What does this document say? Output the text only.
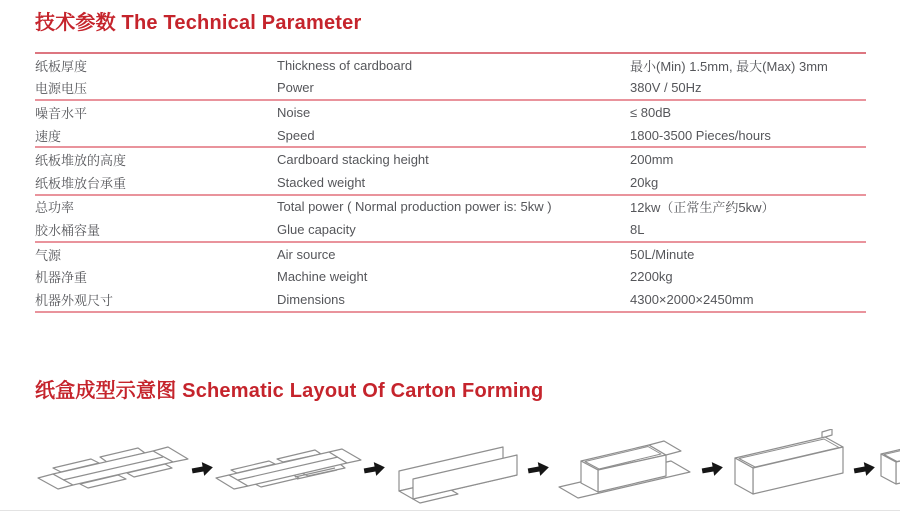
技术参数 The Technical Parameter
纸板厚度	Thickness of cardboard	最小(Min) 1.5mm, 最大(Max) 3mm
电源电压	Power	380V / 50Hz
噪音水平	Noise	≤ 80dB
速度	Speed	1800-3500 Pieces/hours
纸板堆放的高度	Cardboard stacking height	200mm
纸板堆放台承重	Stacked weight	20kg
总功率	Total power ( Normal production power is: 5kw )	12kw（正常生产约5kw）
胶水桶容量	Glue capacity	8L
气源	Air source	50L/Minute
机器净重	Machine weight	2200kg
机器外观尺寸	Dimensions	4300×2000×2450mm
纸盒成型示意图 Schematic Layout Of Carton Forming
